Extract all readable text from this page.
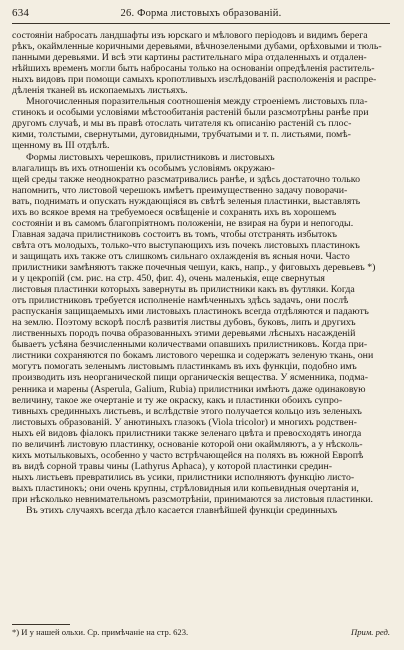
634	26. Форма листовыхъ образованій.
состояніи набросать ландшафты изъ юрскаго и мѣлового періодовъ и видимъ берега
рѣкъ, окаймленные коричными деревьями, вѣчнозелеными дубами, орѣховыми и тюль-
панными деревьями. И всѣ эти картины растительнаго міра отдаленныхъ и отдален-
нѣйшихъ временъ могли быть набросаны только на основаніи опредѣленія раститель-
ныхъ видовъ при помощи самыхъ кропотливыхъ изслѣдованій расположенія и распре-
дѣленія тканей въ ископаемыхъ листьяхъ.
Многочисленныя поразительныя соотношенія между строеніемъ листовыхъ пла-
стинокъ и особыми условіями мѣстообитанія растеній были разсмотрѣны ранѣе при
другомъ случаѣ, и мы въ правѣ отослать читателя къ описанію растеній съ плос-
кими, толстыми, свернутыми, дуговидными, трубчатыми и т. п. листьями, помѣ-
щенному въ III отдѣлѣ.
Формы листовыхъ черешковъ, прилистниковъ и листовыхъ
влагалищъ въ ихъ отношеніи къ особымъ условіямъ окружаю-
щей среды также неоднократно разсматривались ранѣе, и здѣсь достаточно только
напомнить, что листовой черешокъ имѣетъ преимущественно задачу поворачи-
вать, поднимать и опускать нуждающіяся въ свѣтѣ зеленыя пластинки, выставлять
ихъ во всякое время на требуемоеся освѣщеніе и сохранять ихъ въ хорошемъ
состояніи и въ самомъ благопріятномъ положеніи, не взирая на бури и непогоды.
Главная задача прилистниковъ состоитъ въ томъ, чтобы отстранять избытокъ
свѣта отъ молодыхъ, только-что выступающихъ изъ почекъ листовыхъ пластинокъ
и защищать ихъ также отъ слишкомъ сильнаго охлажденія въ ясныя ночи. Часто
прилистники замѣняютъ также почечныя чешуи, какъ, напр., у фиговыхъ деревьевъ *)
и у цекропій (см. рис. на стр. 450, фиг. 4), очень маленькія, еще свернутыя
листовыя пластинки которыхъ завернуты въ прилистники какъ въ футляки. Когда
отъ прилистниковъ требуется исполненіе намѣченныхъ здѣсь задачъ, они послѣ
распусканія защищаемыхъ ими листовыхъ пластинокъ всегда отдѣляются и падаютъ
на землю. Поэтому вскорѣ послѣ развитія листвы дубовъ, буковъ, липъ и другихъ
лиственныхъ породъ почва образованныхъ этими деревьями лѣсныхъ насажденій
бываетъ усѣяна безчисленными количествами опавшихъ прилистниковъ. Когда при-
листники сохраняются по бокамъ листового черешка и содержатъ зеленую ткань, они
могутъ помогать зеленымъ листовымъ пластинкамъ въ ихъ функціи, подобно имъ
производить изъ неорганической пищи органическія вещества. У ясменника, подма-
ренника и марены (Asperula, Galium, Rubia) прилистники имѣютъ даже одинаковую
величину, такое же очертаніе и ту же окраску, какъ и пластинки обоихъ супро-
тивныхъ срединныхъ листьевъ, и вслѣдствіе этого получается кольцо изъ зеленыхъ
листовыхъ образованій. У анютиныхъ глазокъ (Viola tricolor) и многихъ родствен-
ныхъ ей видовъ фіалокъ прилистники также зеленаго цвѣта и превосходятъ иногда
по величинѣ листовую пластинку, основаніе которой они окаймляютъ, а у нѣсколь-
кихъ мотыльковыхъ, особенно у часто встрѣчающейся на поляхъ въ южной Европѣ
въ видѣ сорной травы чины (Lathyrus Aphaca), у которой пластинки средин-
ныхъ листьевъ превратились въ усики, прилистники исполняютъ функцію листо-
выхъ пластинокъ; они очень крупны, стрѣловидныя или копьевидныя очертанія и,
при нѣсколько невнимательномъ разсмотрѣніи, принимаются за листовыя пластинки.
Въ этихъ случаяхъ всегда дѣло касается главнѣйшей функціи срединныхъ
*) И у нашей ольхи. Ср. примѣчаніе на стр. 623.	Прим. ред.
